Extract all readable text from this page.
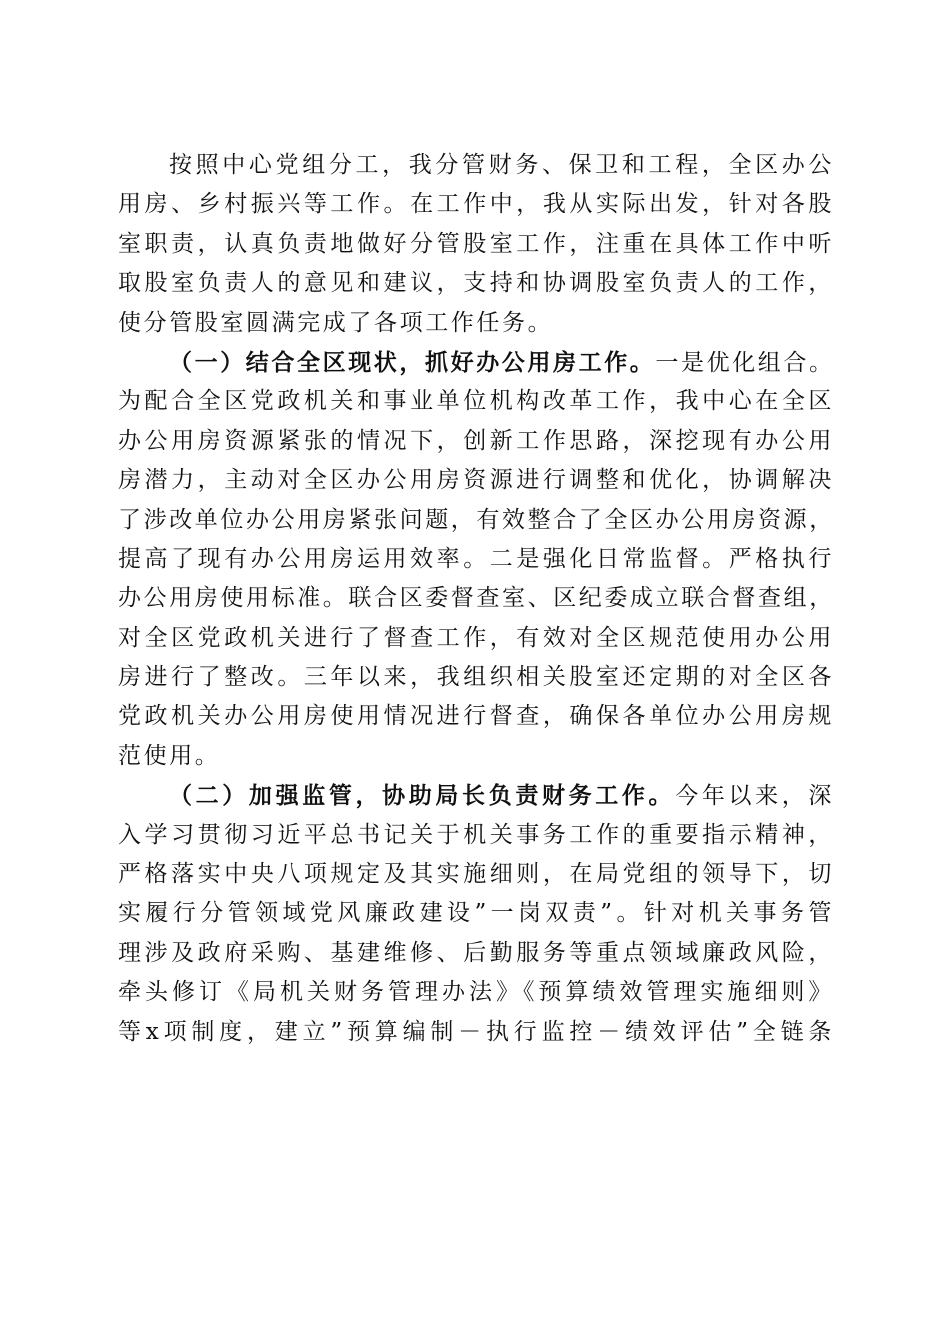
按照中心党组分工，我分管财务、保卫和工程，全区办公
用房、乡村振兴等工作。在工作中，我从实际出发，针对各股
室职责，认真负责地做好分管股室工作，注重在具体工作中听
取股室负责人的意见和建议，支持和协调股室负责人的工作，
使分管股室圆满完成了各项工作任务。
（一）结合全区现状，抓好办公用房工作。一是优化组合。
为配合全区党政机关和事业单位机构改革工作，我中心在全区
办公用房资源紧张的情况下，创新工作思路，深挖现有办公用
房潜力，主动对全区办公用房资源进行调整和优化，协调解决
了涉改单位办公用房紧张问题，有效整合了全区办公用房资源，
提高了现有办公用房运用效率。二是强化日常监督。严格执行
办公用房使用标准。联合区委督查室、区纪委成立联合督查组，
对全区党政机关进行了督查工作，有效对全区规范使用办公用
房进行了整改。三年以来，我组织相关股室还定期的对全区各
党政机关办公用房使用情况进行督查，确保各单位办公用房规
范使用。
（二）加强监管，协助局长负责财务工作。今年以来，深
入学习贯彻习近平总书记关于机关事务工作的重要指示精神，
严格落实中央八项规定及其实施细则，在局党组的领导下，切
实履行分管领域党风廉政建设”一岗双责”。针对机关事务管
理涉及政府采购、基建维修、后勤服务等重点领域廉政风险，
牵头修订《局机关财务管理办法》《预算绩效管理实施细则》
等x项制度，建立”预算编制－执行监控－绩效评估”全链条
